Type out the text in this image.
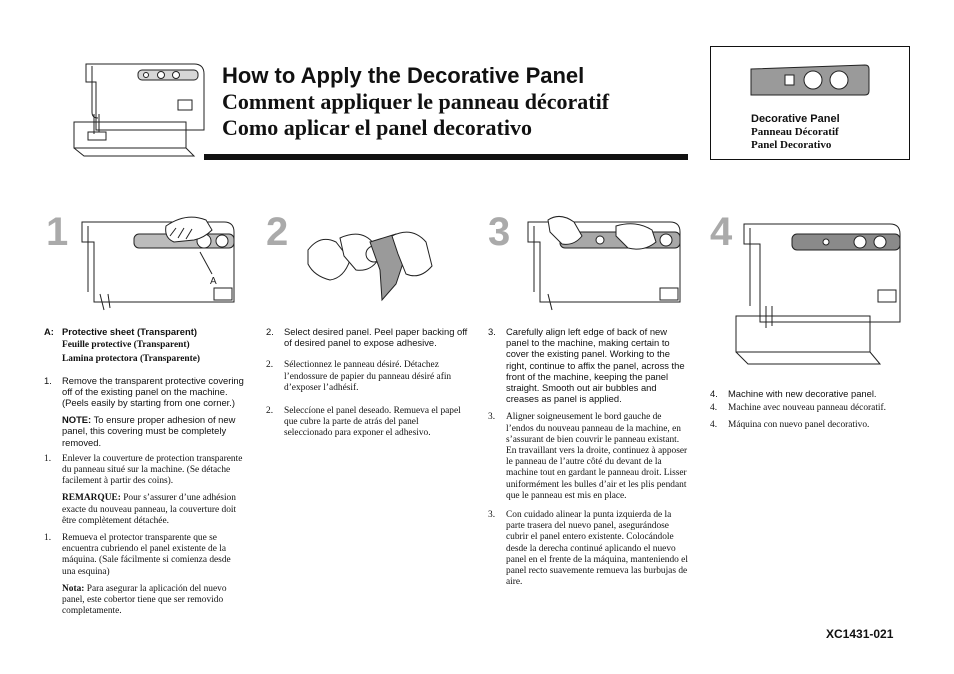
How to Apply the Decorative Panel
Comment appliquer le panneau décoratif
Como aplicar el panel decorativo	Decorative Panel
Panneau Décoratif
Panel Decorativo
1	2	3	4
A

A: Protective sheet (Transparent)

Feuille protective (Transparent)

Lamina protectora (Transparente)

1. Remove the transparent protective covering off of the existing panel on the machine. (Peels easily by starting from one corner.)

NOTE: To ensure proper adhesion of new panel, this covering must be completely removed.

1. Enlever la couverture de protection transparente du panneau situé sur la machine. (Se détache facilement à partir des coins).

REMARQUE: Pour s’assurer d’une adhésion exacte du nouveau panneau, la couverture doit être complètement détachée.

1. Remueva el protector transparente que se encuentra cubriendo el panel existente de la máquina. (Sale fácilmente si comienza desde una esquina)

Nota: Para asegurar la aplicación del nuevo panel, este cobertor tiene que ser removido completamente.

2. Select desired panel. Peel paper backing off of desired panel to expose adhesive.

2. Sélectionnez le panneau désiré. Détachez l’endossure de papier du panneau désiré afin d’exposer l’adhésif.

2. Seleccíone el panel deseado. Remueva el papel que cubre la parte de atrás del panel seleccionado para exponer el adhesivo.

3. Carefully align left edge of back of new panel to the machine, making certain to cover the existing panel. Working to the right, continue to affix the panel, across the front of the machine, keeping the panel straight. Smooth out air bubbles and creases as panel is applied.

3. Aligner soigneusement le bord gauche de l’endos du nouveau panneau de la machine, en s’assurant de bien couvrir le panneau existant. En travaillant vers la droite, continuez à apposer le panneau de l’autre côté du devant de la machine tout en gardant le panneau droit. Lisser uniformément les bulles d’air et les plis pendant que le panneau est mis en place.

3. Con cuidado alinear la punta izquierda de la parte trasera del nuevo panel, asegurándose cubrir el panel entero existente. Colocándole desde la derecha continué aplicando el nuevo panel en el frente de la máquina, manteniendo el panel recto suavemente remueva las burbujas de aire.

4. Machine with new decorative panel.

4. Machine avec nouveau panneau décoratif.

4. Máquina con nuevo panel decorativo.

XC1431-021
